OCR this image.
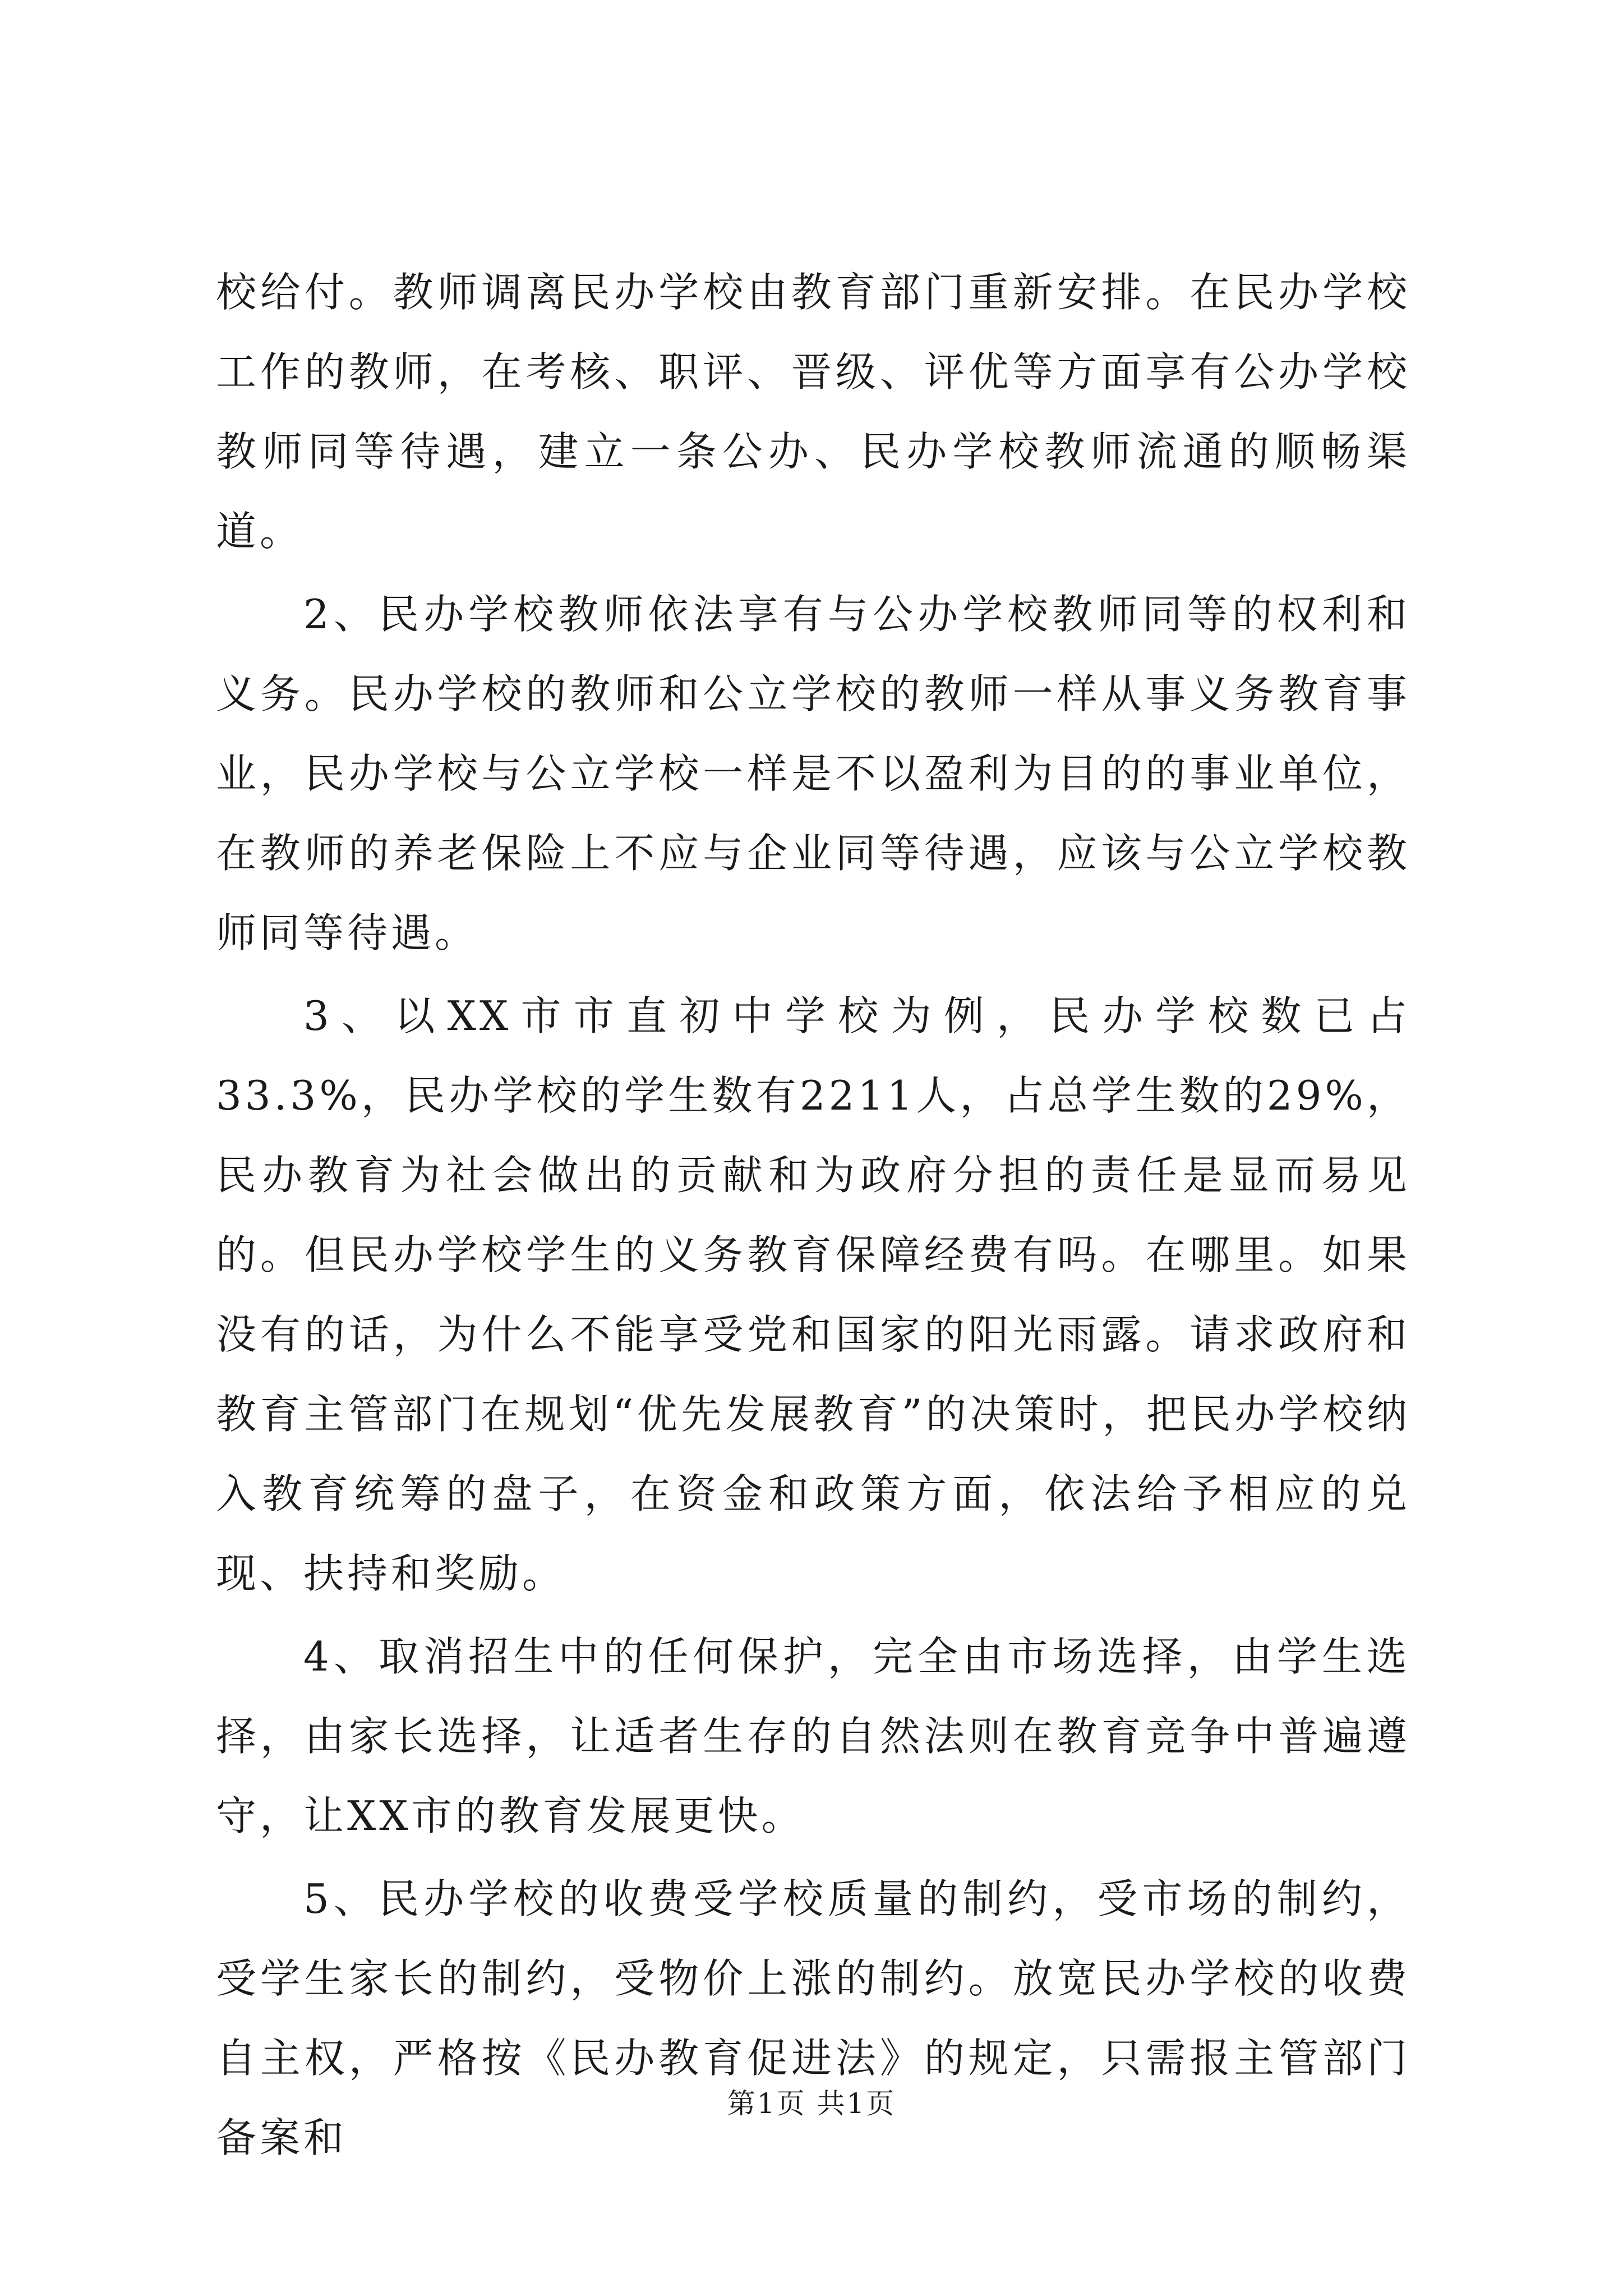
校给付。教师调离民办学校由教育部门重新安排。在民办学校工作的教师，在考核、职评、晋级、评优等方面享有公办学校教师同等待遇，建立一条公办、民办学校教师流通的顺畅渠道。

2、民办学校教师依法享有与公办学校教师同等的权利和义务。民办学校的教师和公立学校的教师一样从事义务教育事业，民办学校与公立学校一样是不以盈利为目的的事业单位，在教师的养老保险上不应与企业同等待遇，应该与公立学校教师同等待遇。

3、以XX市市直初中学校为例，民办学校数已占33.3%，民办学校的学生数有2211人，占总学生数的29%，民办教育为社会做出的贡献和为政府分担的责任是显而易见的。但民办学校学生的义务教育保障经费有吗。在哪里。如果没有的话，为什么不能享受党和国家的阳光雨露。请求政府和教育主管部门在规划“优先发展教育”的决策时，把民办学校纳入教育统筹的盘子，在资金和政策方面，依法给予相应的兑现、扶持和奖励。

4、取消招生中的任何保护，完全由市场选择，由学生选择，由家长选择，让适者生存的自然法则在教育竞争中普遍遵守，让XX市的教育发展更快。

5、民办学校的收费受学校质量的制约，受市场的制约，受学生家长的制约，受物价上涨的制约。放宽民办学校的收费自主权，严格按《民办教育促进法》的规定，只需报主管部门备案和

第1页 共1页
